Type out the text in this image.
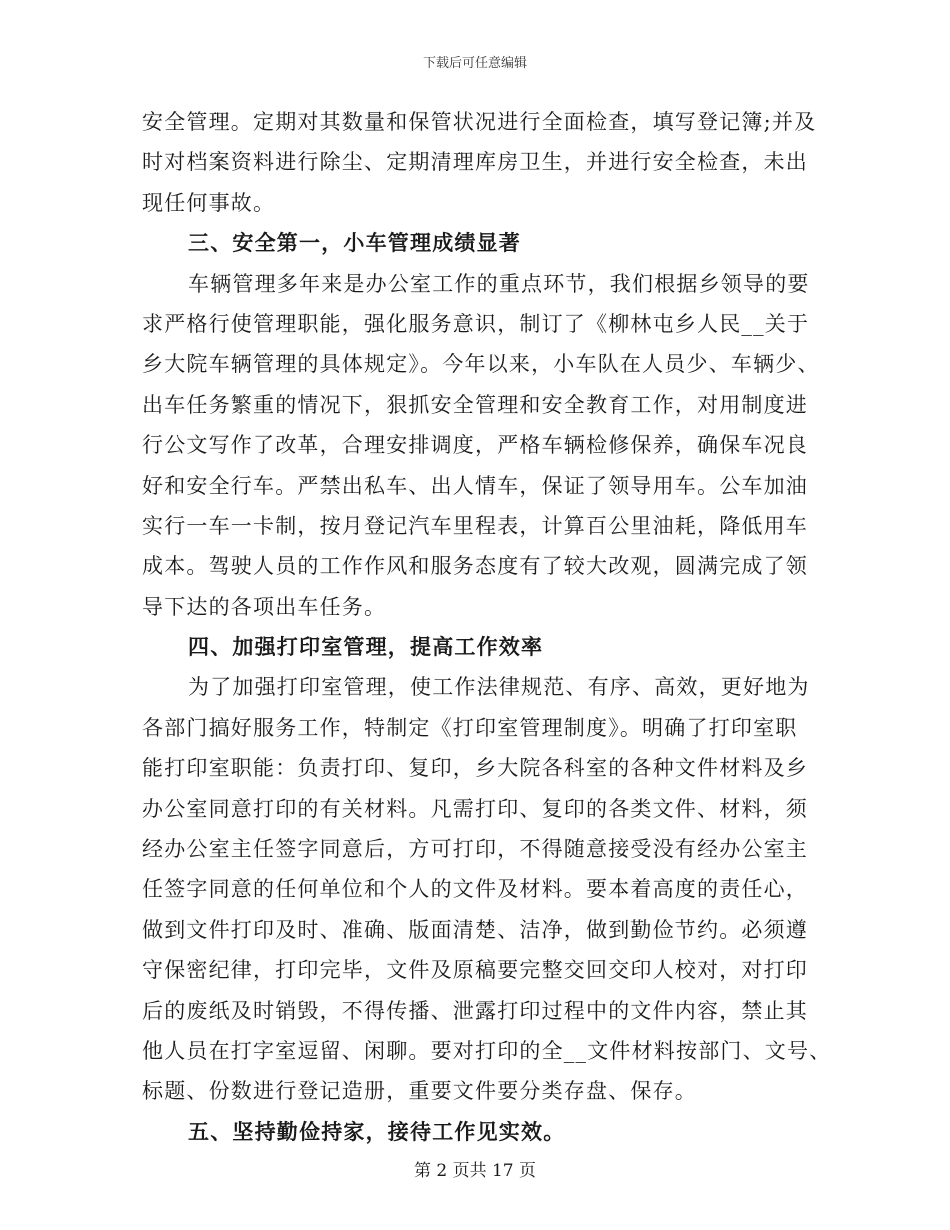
下载后可任意编辑
安全管理。定期对其数量和保管状况进行全面检查，填写登记簿;并及
时对档案资料进行除尘、定期清理库房卫生，并进行安全检查，未出
现任何事故。
三、安全第一，小车管理成绩显著
车辆管理多年来是办公室工作的重点环节，我们根据乡领导的要
求严格行使管理职能，强化服务意识，制订了《柳林屯乡人民__关于
乡大院车辆管理的具体规定》。今年以来，小车队在人员少、车辆少、
出车任务繁重的情况下，狠抓安全管理和安全教育工作，对用制度进
行公文写作了改革，合理安排调度，严格车辆检修保养，确保车况良
好和安全行车。严禁出私车、出人情车，保证了领导用车。公车加油
实行一车一卡制，按月登记汽车里程表，计算百公里油耗，降低用车
成本。驾驶人员的工作作风和服务态度有了较大改观，圆满完成了领
导下达的各项出车任务。
四、加强打印室管理，提高工作效率
为了加强打印室管理，使工作法律规范、有序、高效，更好地为
各部门搞好服务工作，特制定《打印室管理制度》。明确了打印室职
能打印室职能：负责打印、复印，乡大院各科室的各种文件材料及乡
办公室同意打印的有关材料。凡需打印、复印的各类文件、材料，须
经办公室主任签字同意后，方可打印，不得随意接受没有经办公室主
任签字同意的任何单位和个人的文件及材料。要本着高度的责任心，
做到文件打印及时、准确、版面清楚、洁净，做到勤俭节约。必须遵
守保密纪律，打印完毕，文件及原稿要完整交回交印人校对，对打印
后的废纸及时销毁，不得传播、泄露打印过程中的文件内容，禁止其
他人员在打字室逗留、闲聊。要对打印的全__文件材料按部门、文号、
标题、份数进行登记造册，重要文件要分类存盘、保存。
五、坚持勤俭持家，接待工作见实效。
第 2 页共 17 页
